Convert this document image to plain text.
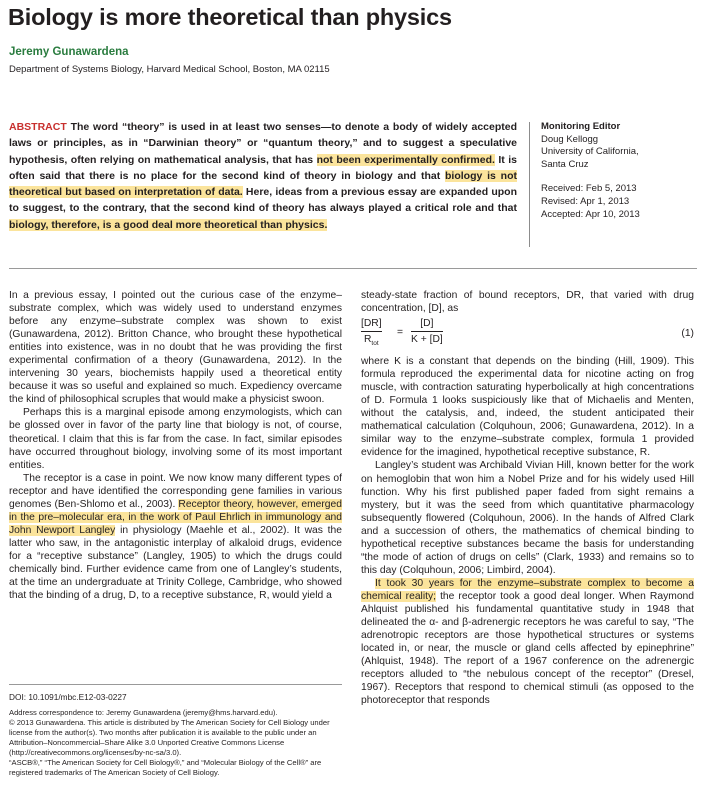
Biology is more theoretical than physics
Jeremy Gunawardena
Department of Systems Biology, Harvard Medical School, Boston, MA 02115
ABSTRACT The word “theory” is used in at least two senses—to denote a body of widely accepted laws or principles, as in “Darwinian theory” or “quantum theory,” and to suggest a speculative hypothesis, often relying on mathematical analysis, that has not been experimentally confirmed. It is often said that there is no place for the second kind of theory in biology and that biology is not theoretical but based on interpretation of data. Here, ideas from a previous essay are expanded upon to suggest, to the contrary, that the second kind of theory has always played a critical role and that biology, therefore, is a good deal more theoretical than physics.
Monitoring Editor
Doug Kellogg
University of California,
Santa Cruz
Received: Feb 5, 2013
Revised: Apr 1, 2013
Accepted: Apr 10, 2013

In a previous essay, I pointed out the curious case of the enzyme–substrate complex, which was widely used to understand enzymes before any enzyme–substrate complex was shown to exist (Gunawardena, 2012). Britton Chance, who brought these hypothetical entities into existence, was in no doubt that he was providing the first experimental confirmation of a theory (Gunawardena, 2012). In the intervening 30 years, biochemists happily used a theoretical entity because it was so useful and explained so much. Expediency overcame the kind of philosophical scruples that would make a physicist swoon.

Perhaps this is a marginal episode among enzymologists, which can be glossed over in favor of the party line that biology is not, of course, theoretical. I claim that this is far from the case. In fact, similar episodes have occurred throughout biology, involving some of its most important entities.

The receptor is a case in point. We now know many different types of receptor and have identified the corresponding gene families in various genomes (Ben-Shlomo et al., 2003). Receptor theory, however, emerged in the pre–molecular era, in the work of Paul Ehrlich in immunology and John Newport Langley in physiology (Maehle et al., 2002). It was the latter who saw, in the antagonistic interplay of alkaloid drugs, evidence for a “receptive substance” (Langley, 1905) to which the drugs could chemically bind. Further evidence came from one of Langley’s students, at the time an undergraduate at Trinity College, Cambridge, who showed that the binding of a drug, D, to a receptive substance, R, would yield a

DOI: 10.1091/mbc.E12-03-0227
Address correspondence to: Jeremy Gunawardena (jeremy@hms.harvard.edu).
© 2013 Gunawardena. This article is distributed by The American Society for Cell Biology under license from the author(s). Two months after publication it is available to the public under an Attribution–Noncommercial–Share Alike 3.0 Unported Creative Commons License (http://creativecommons.org/licenses/by-nc-sa/3.0).
“ASCB®,” “The American Society for Cell Biology®,” and “Molecular Biology of the Cell®” are registered trademarks of The American Society of Cell Biology.

steady-state fraction of bound receptors, DR, that varied with drug concentration, [D], as

[DR]
$R_{tot}$
=
[D]
K + [D]
(1)

where K is a constant that depends on the binding (Hill, 1909). This formula reproduced the experimental data for nicotine acting on frog muscle, with contraction saturating hyperbolically at high concentrations of D. Formula 1 looks suspiciously like that of Michaelis and Menten, without the catalysis, and, indeed, the student anticipated their mathematical calculation (Colquhoun, 2006; Gunawardena, 2012). In a similar way to the enzyme–substrate complex, formula 1 provided evidence for the imagined, hypothetical receptive substance, R.

Langley’s student was Archibald Vivian Hill, known better for the work on hemoglobin that won him a Nobel Prize and for his widely used Hill function. Why his first published paper faded from sight remains a mystery, but it was the seed from which quantitative pharmacology subsequently flowered (Colquhoun, 2006). In the hands of Alfred Clark and a succession of others, the mathematics of chemical binding to hypothetical receptive substances became the basis for understanding “the mode of action of drugs on cells” (Clark, 1933) and remains so to this day (Colquhoun, 2006; Limbird, 2004).

It took 30 years for the enzyme–substrate complex to become a chemical reality; the receptor took a good deal longer. When Raymond Ahlquist published his fundamental quantitative study in 1948 that delineated the α- and β-adrenergic receptors he was careful to say, “The adrenotropic receptors are those hypothetical structures or systems located in, or near, the muscle or gland cells affected by epinephrine” (Ahlquist, 1948). The report of a 1967 conference on the adrenergic receptors alluded to “the nebulous concept of the receptor” (Dresel, 1967). Receptors that respond to chemical stimuli (as opposed to the photoreceptor that responds
